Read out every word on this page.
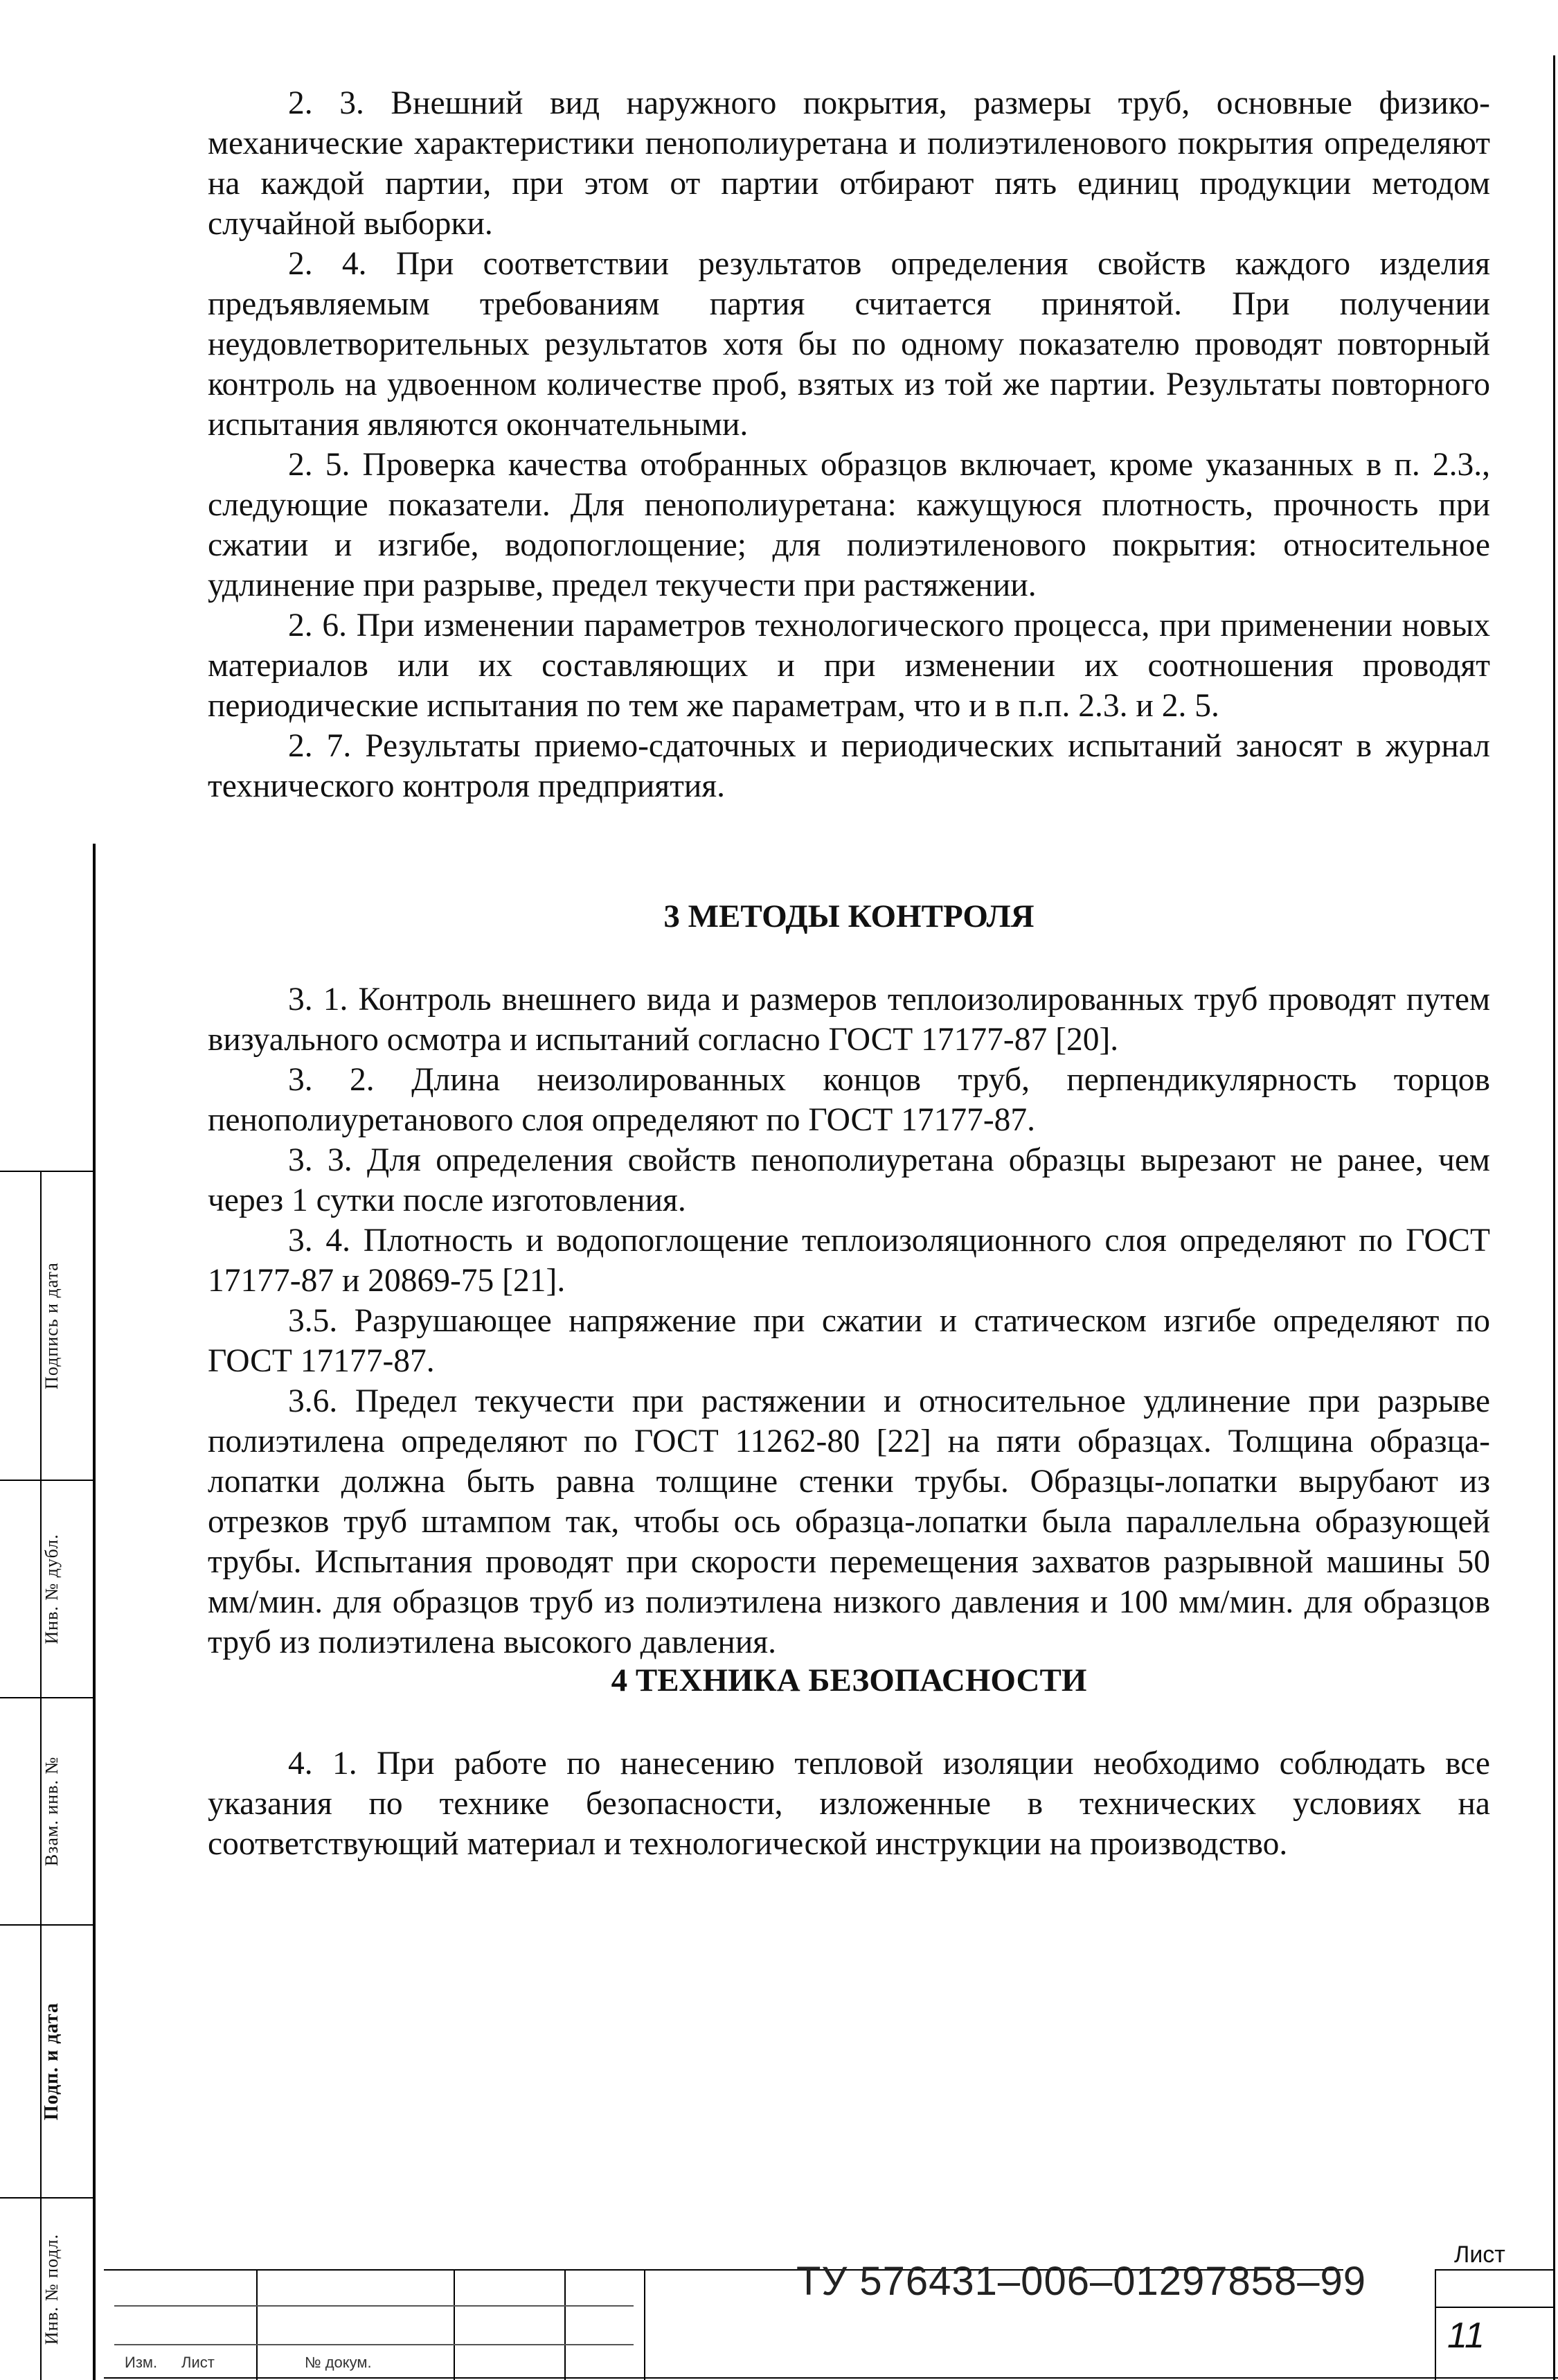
2. 3. Внешний вид наружного покрытия, размеры труб, основные физико-механические характеристики пенополиуретана и полиэтиленового покрытия определяют на каждой партии, при этом от партии отбирают пять единиц продукции методом случайной выборки.

2. 4. При соответствии результатов определения свойств каждого изделия предъявляемым требованиям партия считается принятой. При получении неудовлетворительных результатов хотя бы по одному показателю проводят повторный контроль на удвоенном количестве проб, взятых из той же партии. Результаты повторного испытания являются окончательными.

2. 5. Проверка качества отобранных образцов включает, кроме указанных в п. 2.3., следующие показатели. Для пенополиуретана: кажущуюся плотность, прочность при сжатии и изгибе, водопоглощение; для полиэтиленового покрытия: относительное удлинение при разрыве, предел текучести при растяжении.

2. 6. При изменении параметров технологического процесса, при применении новых материалов или их составляющих и при изменении их соотношения проводят периодические испытания по тем же параметрам, что и в п.п. 2.3. и 2. 5.

2. 7. Результаты приемо-сдаточных и периодических испытаний заносят в журнал технического контроля предприятия.

3 МЕТОДЫ КОНТРОЛЯ

3. 1. Контроль внешнего вида и размеров теплоизолированных труб проводят путем визуального осмотра и испытаний согласно ГОСТ 17177-87 [20].

3. 2. Длина неизолированных концов труб, перпендикулярность торцов пенополиуретанового слоя определяют по ГОСТ 17177-87.

3. 3. Для определения свойств пенополиуретана образцы вырезают не ранее, чем через 1 сутки после изготовления.

3. 4. Плотность и водопоглощение теплоизоляционного слоя определяют по ГОСТ 17177-87 и 20869-75 [21].

3.5. Разрушающее напряжение при сжатии и статическом изгибе определяют по ГОСТ 17177-87.

3.6. Предел текучести при растяжении и относительное удлинение при разрыве полиэтилена определяют по ГОСТ 11262-80 [22] на пяти образцах. Толщина образца-лопатки должна быть равна толщине стенки трубы. Образцы-лопатки вырубают из отрезков труб штампом так, чтобы ось образца-лопатки была параллельна образующей трубы. Испытания проводят при скорости перемещения захватов разрывной машины 50 мм/мин. для образцов труб из полиэтилена низкого давления и 100 мм/мин. для образцов труб из полиэтилена высокого давления.

4 ТЕХНИКА БЕЗОПАСНОСТИ

4. 1. При работе по нанесению тепловой изоляции необходимо соблюдать все указания по технике безопасности, изложенные в технических условиях на соответствующий материал и технологической инструкции на производство.

Подпись и дата
Инв. № дубл.
Взам. инв. №
Подп. и дата
Инв. № подл.	ТУ 576431–006–01297858–99
Лист
11
Изм. Лист	№ докум.
